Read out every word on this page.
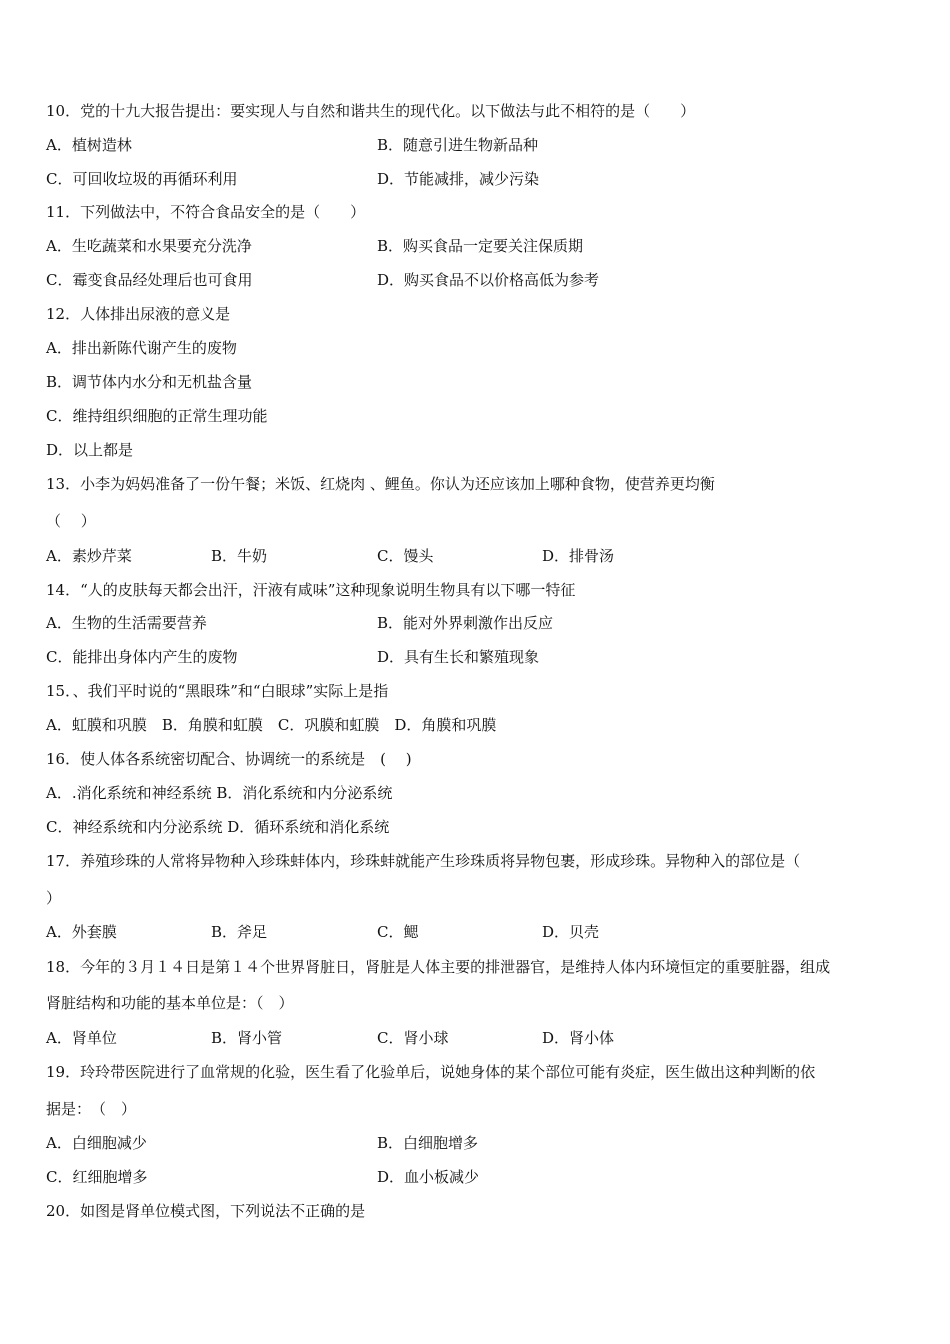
10．党的十九大报告提出：要实现人与自然和谐共生的现代化。以下做法与此不相符的是（　　）
A．植树造林	B．随意引进生物新品种
C．可回收垃圾的再循环利用	D．节能减排，减少污染
11．下列做法中，不符合食品安全的是（　　）
A．生吃蔬菜和水果要充分洗净	B．购买食品一定要关注保质期
C．霉变食品经处理后也可食用	D．购买食品不以价格高低为参考
12．人体排出尿液的意义是
A．排出新陈代谢产生的废物
B．调节体内水分和无机盐含量
C．维持组织细胞的正常生理功能
D．以上都是
13．小李为妈妈准备了一份午餐；米饭、红烧肉 、鲤鱼。你认为还应该加上哪种食物，使营养更均衡
（　 ）
A．素炒芹菜	B．牛奶	C．馒头	D．排骨汤
14．“人的皮肤每天都会出汗，汗液有咸味”这种现象说明生物具有以下哪一特征
A．生物的生活需要营养	B．能对外界刺激作出反应
C．能排出身体内产生的废物	D．具有生长和繁殖现象
15．、我们平时说的“黑眼珠”和“白眼球”实际上是指
A．虹膜和巩膜　B．角膜和虹膜　C．巩膜和虹膜　D．角膜和巩膜
16．使人体各系统密切配合、协调统一的系统是　(　 )
A．.消化系统和神经系统 B．消化系统和内分泌系统
C．神经系统和内分泌系统 D．循环系统和消化系统
17．养殖珍珠的人常将异物种入珍珠蚌体内，珍珠蚌就能产生珍珠质将异物包裹，形成珍珠。异物种入的部位是（
）
A．外套膜	B．斧足	C．鳃	D．贝壳
18．今年的３月１４日是第１４个世界肾脏日，肾脏是人体主要的排泄器官，是维持人体内环境恒定的重要脏器，组成
肾脏结构和功能的基本单位是：（　）
A．肾单位	B．肾小管	C．肾小球	D．肾小体
19．玲玲带医院进行了血常规的化验，医生看了化验单后，说她身体的某个部位可能有炎症，医生做出这种判断的依
据是：　（　）
A．白细胞减少	B．白细胞增多
C．红细胞增多	D．血小板减少
20．如图是肾单位模式图，下列说法不正确的是
